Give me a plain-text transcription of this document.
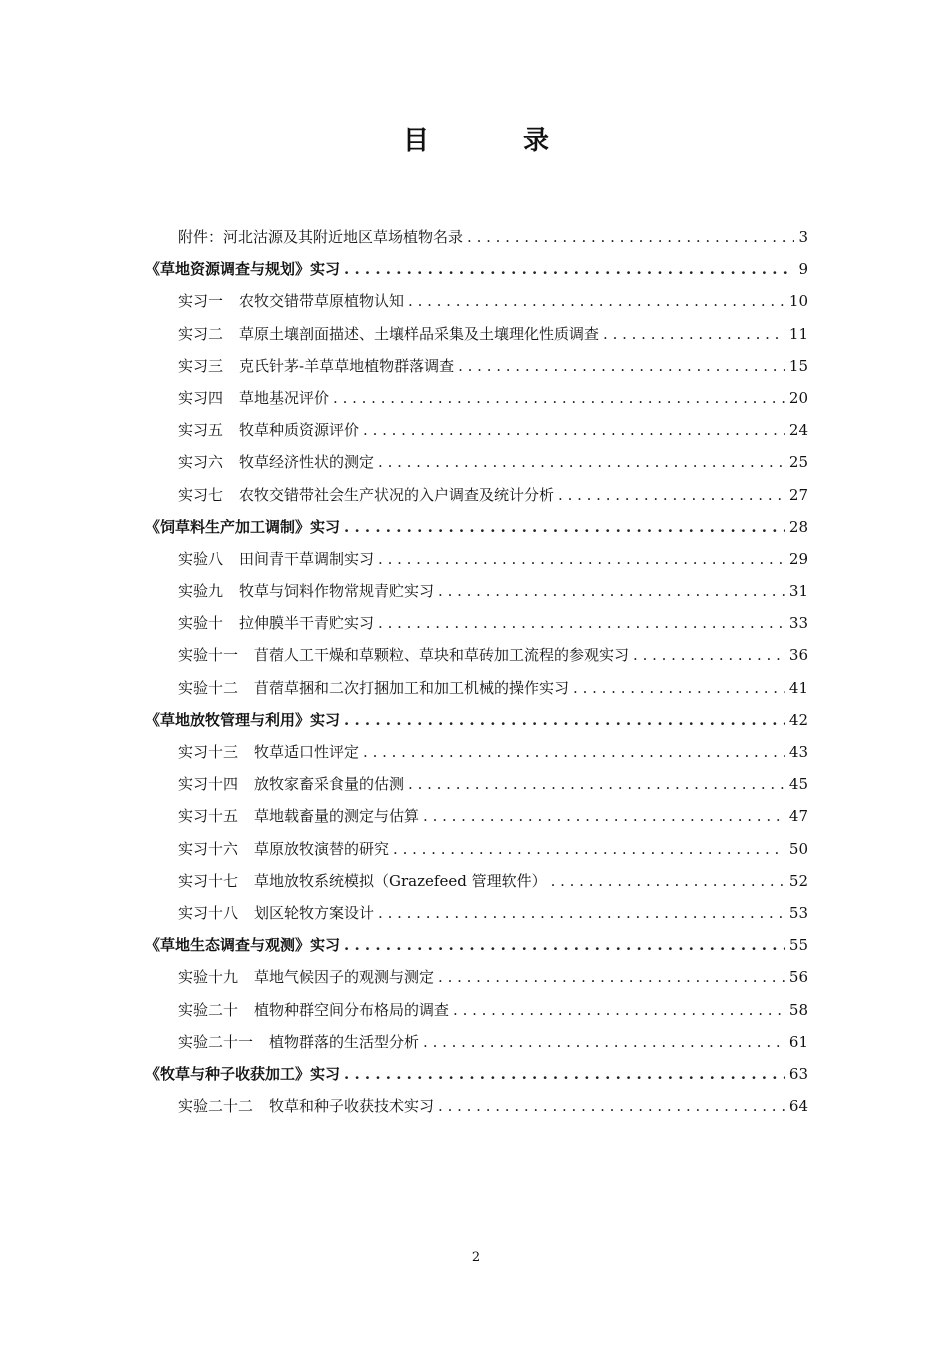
目　录
附件：河北沽源及其附近地区草场植物名录 . . .	3
《草地资源调查与规划》实习 . . .	9
实习一 农牧交错带草原植物认知 . . .	10
实习二 草原土壤剖面描述、土壤样品采集及土壤理化性质调查 . . .	11
实习三 克氏针茅-羊草草地植物群落调查 . . .	15
实习四 草地基况评价 . . .	20
实习五 牧草种质资源评价 . . .	24
实习六 牧草经济性状的测定 . . .	25
实习七 农牧交错带社会生产状况的入户调查及统计分析 . . .	27
《饲草料生产加工调制》实习 . . .	28
实验八 田间青干草调制实习 . . .	29
实验九 牧草与饲料作物常规青贮实习 . . .	31
实验十 拉伸膜半干青贮实习 . . .	33
实验十一 苜蓿人工干燥和草颗粒、草块和草砖加工流程的参观实习 . . .	36
实验十二 苜蓿草捆和二次打捆加工和加工机械的操作实习 . . .	41
《草地放牧管理与利用》实习 . . .	42
实习十三 牧草适口性评定 . . .	43
实习十四 放牧家畜采食量的估测 . . .	45
实习十五 草地载畜量的测定与估算 . . .	47
实习十六 草原放牧演替的研究 . . .	50
实习十七 草地放牧系统模拟（Grazefeed 管理软件） . . .	52
实习十八 划区轮牧方案设计 . . .	53
《草地生态调查与观测》实习 . . .	55
实验十九 草地气候因子的观测与测定 . . .	56
实验二十 植物种群空间分布格局的调查 . . .	58
实验二十一 植物群落的生活型分析 . . .	61
《牧草与种子收获加工》实习 . . .	63
实验二十二 牧草和种子收获技术实习 . . .	64
2
